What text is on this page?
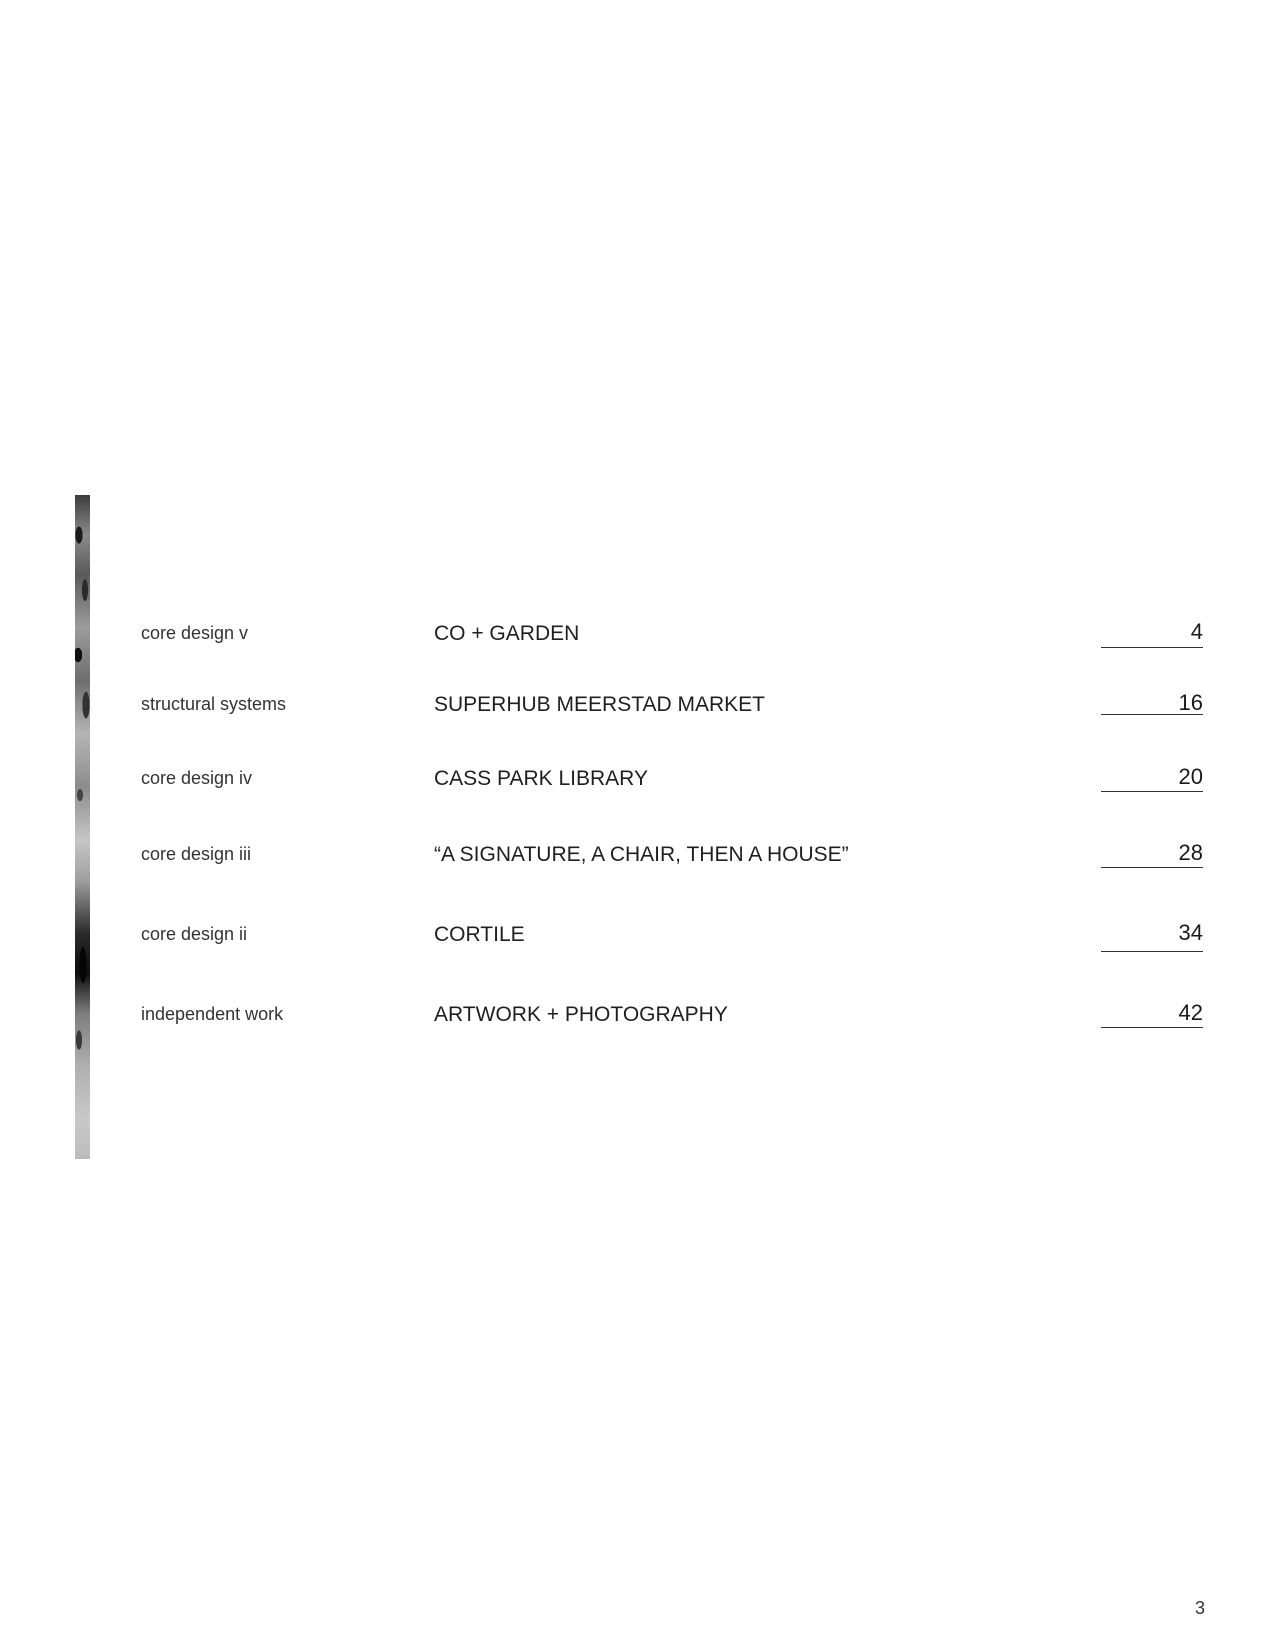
core design v	CO + GARDEN	4
structural systems	SUPERHUB MEERSTAD MARKET	16
core design iv	CASS PARK LIBRARY	20
core design iii	“A SIGNATURE, A CHAIR, THEN A HOUSE”	28
core design ii	CORTILE	34
independent work	ARTWORK + PHOTOGRAPHY	42
3
